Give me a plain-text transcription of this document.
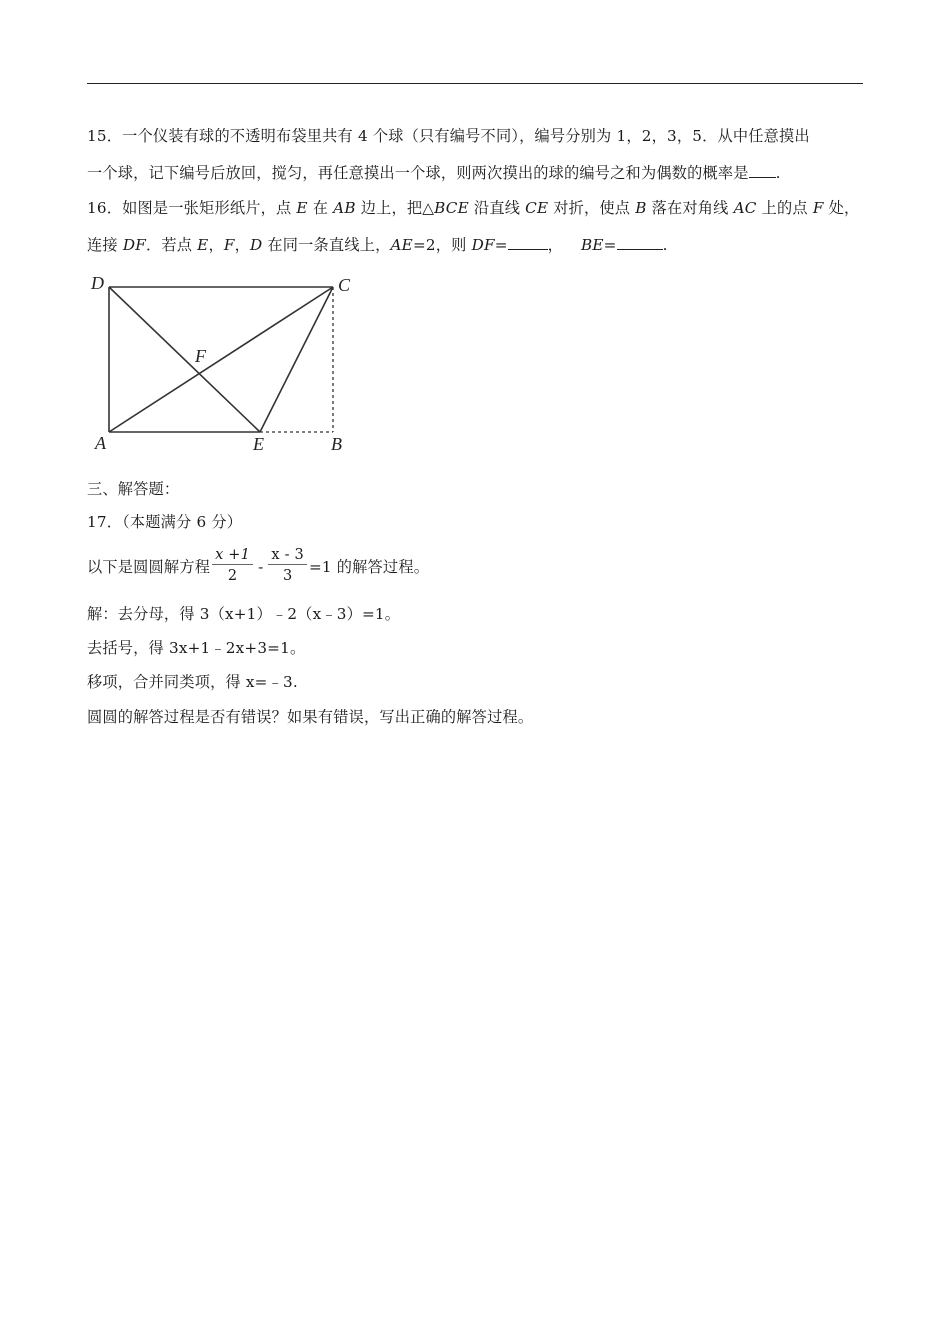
15．一个仪装有球的不透明布袋里共有 4 个球（只有编号不同），编号分别为 1，2，3，5．从中任意摸出
一个球，记下编号后放回，搅匀，再任意摸出一个球，则两次摸出的球的编号之和为偶数的概率是 .
16．如图是一张矩形纸片，点 E 在 AB 边上，把△BCE 沿直线 CE 对折，使点 B 落在对角线 AC 上的点 F 处，
连接 DF．若点 E，F，D 在同一条直线上，AE=2，则 DF=	， BE=	.
D	C
A	E	B
F
三、解答题：
17．（本题满分 6 分）
以下是圆圆解方程 $\frac{x +1}{2} - \frac{x - 3}{3} =1$ 的解答过程。
解：去分母，得 3（x+1）﹣2（x﹣3）=1。
去括号，得 3x+1﹣2x+3=1。
移项，合并同类项，得 x=﹣3.
圆圆的解答过程是否有错误？如果有错误，写出正确的解答过程。
